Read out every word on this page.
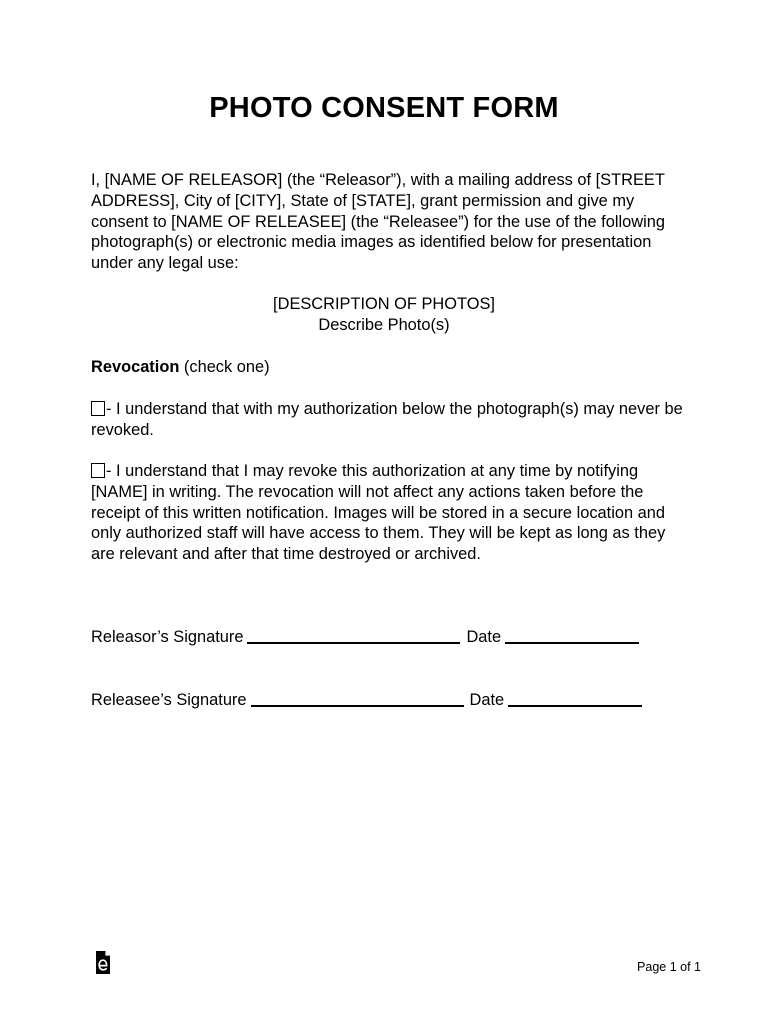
PHOTO CONSENT FORM

I, [NAME OF RELEASOR] (the “Releasor”), with a mailing address of [STREET ADDRESS], City of [CITY], State of [STATE], grant permission and give my consent to [NAME OF RELEASEE] (the “Releasee”) for the use of the following photograph(s) or electronic media images as identified below for presentation under any legal use:

[DESCRIPTION OF PHOTOS]
Describe Photo(s)
Revocation (check one)

- I understand that with my authorization below the photograph(s) may never be revoked.

- I understand that I may revoke this authorization at any time by notifying [NAME] in writing. The revocation will not affect any actions taken before the receipt of this written notification. Images will be stored in a secure location and only authorized staff will have access to them. They will be kept as long as they are relevant and after that time destroyed or archived.

Releasor’s Signature	Date
Releasee’s Signature	Date
Page 1 of 1
